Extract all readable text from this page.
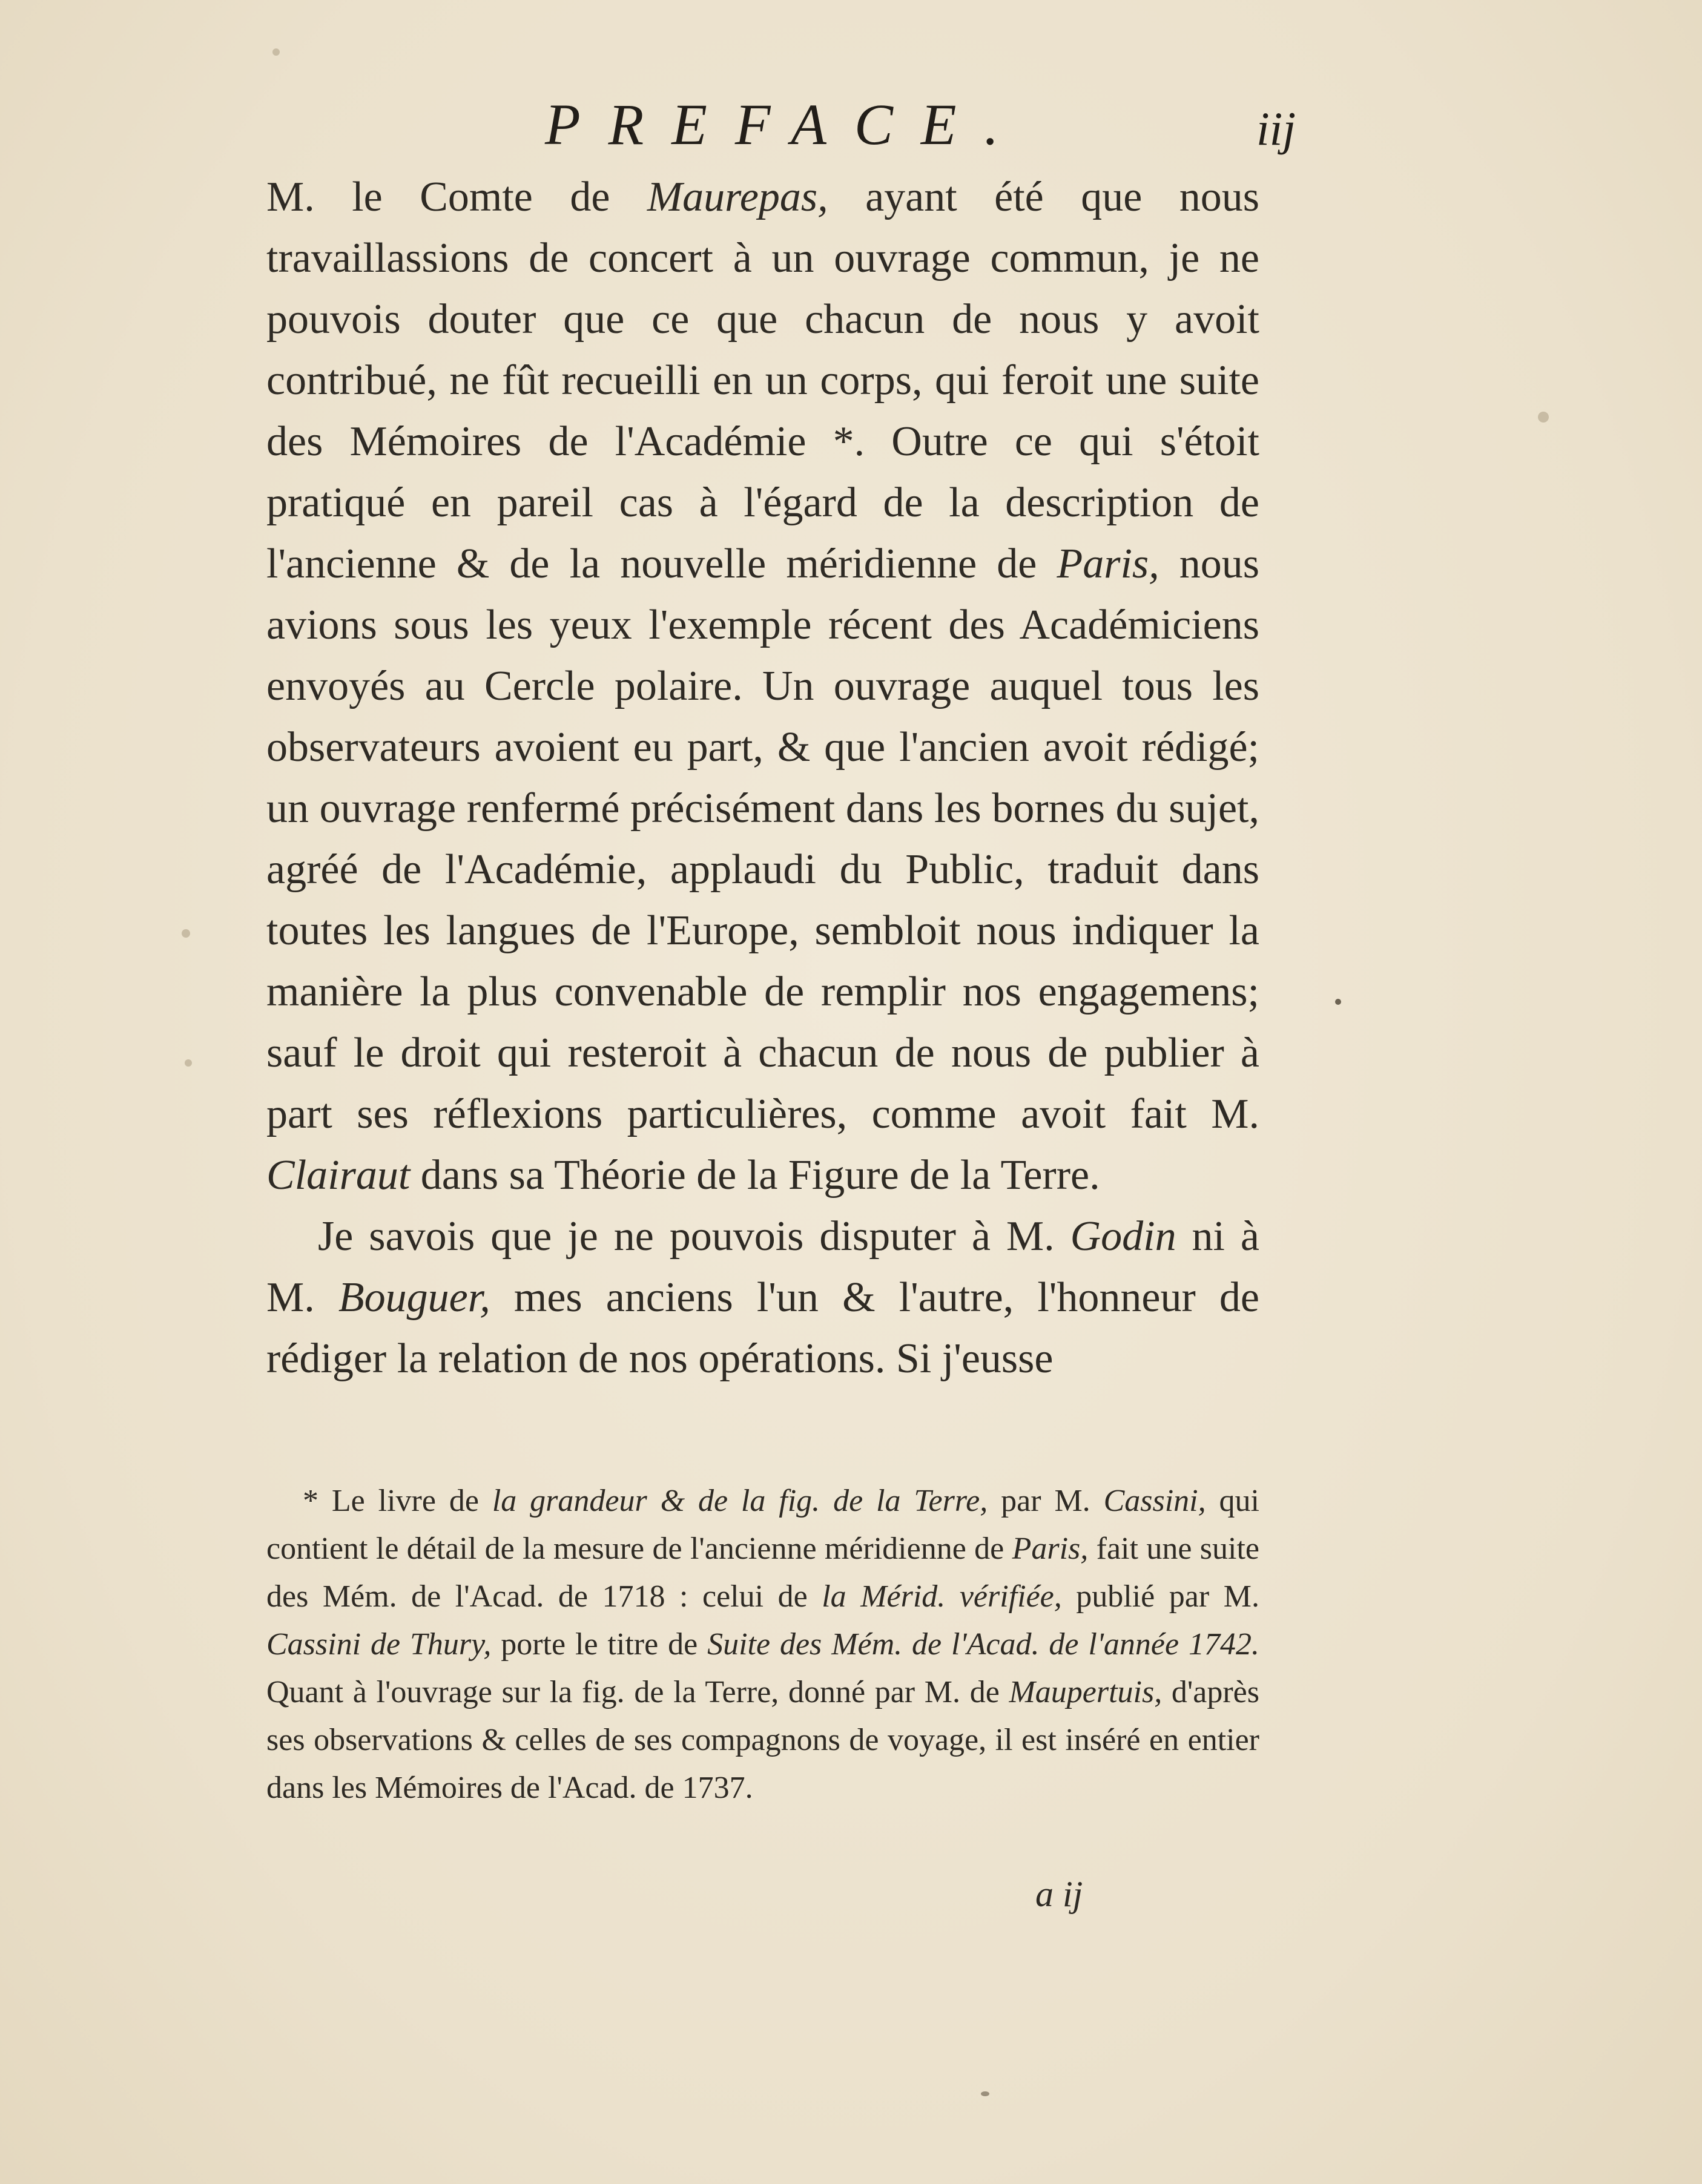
PREFACE.	iij

M. le Comte de Maurepas, ayant été que nous travaillassions de concert à un ouvrage commun, je ne pouvois douter que ce que chacun de nous y avoit contribué, ne fût recueilli en un corps, qui feroit une suite des Mémoires de l'Académie *. Outre ce qui s'étoit pratiqué en pareil cas à l'égard de la description de l'ancienne & de la nouvelle méridienne de Paris, nous avions sous les yeux l'exemple récent des Académiciens envoyés au Cercle polaire. Un ouvrage auquel tous les observateurs avoient eu part, & que l'ancien avoit rédigé; un ouvrage renfermé précisément dans les bornes du sujet, agréé de l'Académie, applaudi du Public, traduit dans toutes les langues de l'Europe, sembloit nous indiquer la manière la plus convenable de remplir nos engagemens; sauf le droit qui resteroit à chacun de nous de publier à part ses réflexions particulières, comme avoit fait M. Clairaut dans sa Théorie de la Figure de la Terre.

Je savois que je ne pouvois disputer à M. Godin ni à M. Bouguer, mes anciens l'un & l'autre, l'honneur de rédiger la relation de nos opérations. Si j'eusse

* Le livre de la grandeur & de la fig. de la Terre, par M. Cassini, qui contient le détail de la mesure de l'ancienne méridienne de Paris, fait une suite des Mém. de l'Acad. de 1718 : celui de la Mérid. vérifiée, publié par M. Cassini de Thury, porte le titre de Suite des Mém. de l'Acad. de l'année 1742. Quant à l'ouvrage sur la fig. de la Terre, donné par M. de Maupertuis, d'après ses observations & celles de ses compagnons de voyage, il est inséré en entier dans les Mémoires de l'Acad. de 1737.

a ij
